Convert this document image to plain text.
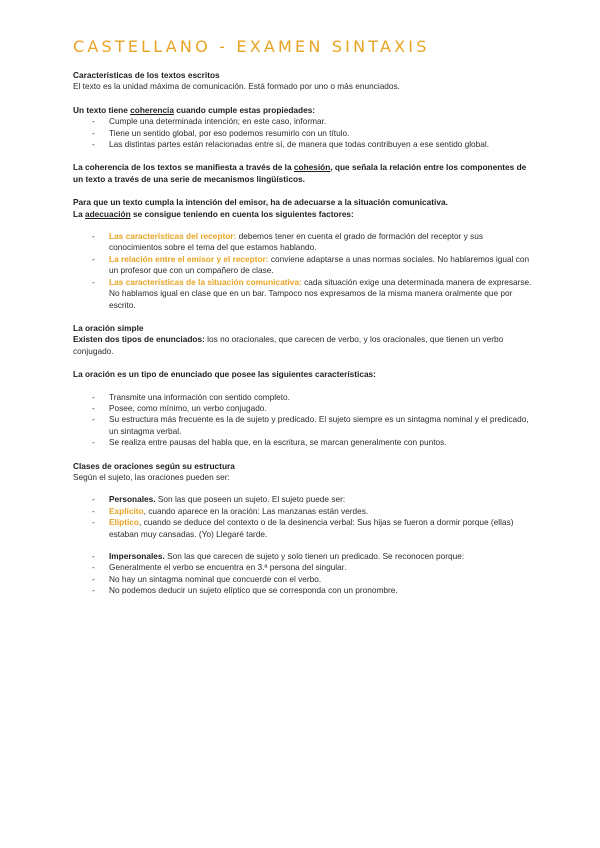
CASTELLANO - EXAMEN SINTAXIS

Características de los textos escritos

El texto es la unidad máxima de comunicación. Está formado por uno o más enunciados.

Un texto tiene coherencia cuando cumple estas propiedades:

- Cumple una determinada intención; en este caso, informar.
- Tiene un sentido global, por eso podemos resumirlo con un título.
- Las distintas partes están relacionadas entre sí, de manera que todas contribuyen a ese sentido global.

La coherencia de los textos se manifiesta a través de la cohesión, que señala la relación entre los componentes de un texto a través de una serie de mecanismos lingüísticos.

Para que un texto cumpla la intención del emisor, ha de adecuarse a la situación comunicativa.

La adecuación se consigue teniendo en cuenta los siguientes factores:

- Las características del receptor: debemos tener en cuenta el grado de formación del receptor y sus conocimientos sobre el tema del que estamos hablando.
- La relación entre el emisor y el receptor: conviene adaptarse a unas normas sociales. No hablaremos igual con un profesor que con un compañero de clase.
- Las características de la situación comunicativa: cada situación exige una determinada manera de expresarse. No hablamos igual en clase que en un bar. Tampoco nos expresamos de la misma manera oralmente que por escrito.

La oración simple

Existen dos tipos de enunciados: los no oracionales, que carecen de verbo, y los oracionales, que tienen un verbo conjugado.

La oración es un tipo de enunciado que posee las siguientes características:

- Transmite una información con sentido completo.
- Posee, como mínimo, un verbo conjugado.
- Su estructura más frecuente es la de sujeto y predicado. El sujeto siempre es un sintagma nominal y el predicado, un sintagma verbal.
- Se realiza entre pausas del habla que, en la escritura, se marcan generalmente con puntos.

Clases de oraciones según su estructura

Según el sujeto, las oraciones pueden ser:

- Personales. Son las que poseen un sujeto. El sujeto puede ser:
- Explícito, cuando aparece en la oración: Las manzanas están verdes.
- Elíptico, cuando se deduce del contexto o de la desinencia verbal: Sus hijas se fueron a dormir porque (ellas) estaban muy cansadas. (Yo) Llegaré tarde.
- Impersonales. Son las que carecen de sujeto y solo tienen un predicado. Se reconocen porque:
- Generalmente el verbo se encuentra en 3.ª persona del singular.
- No hay un sintagma nominal que concuerde con el verbo.
- No podemos deducir un sujeto elíptico que se corresponda con un pronombre.
